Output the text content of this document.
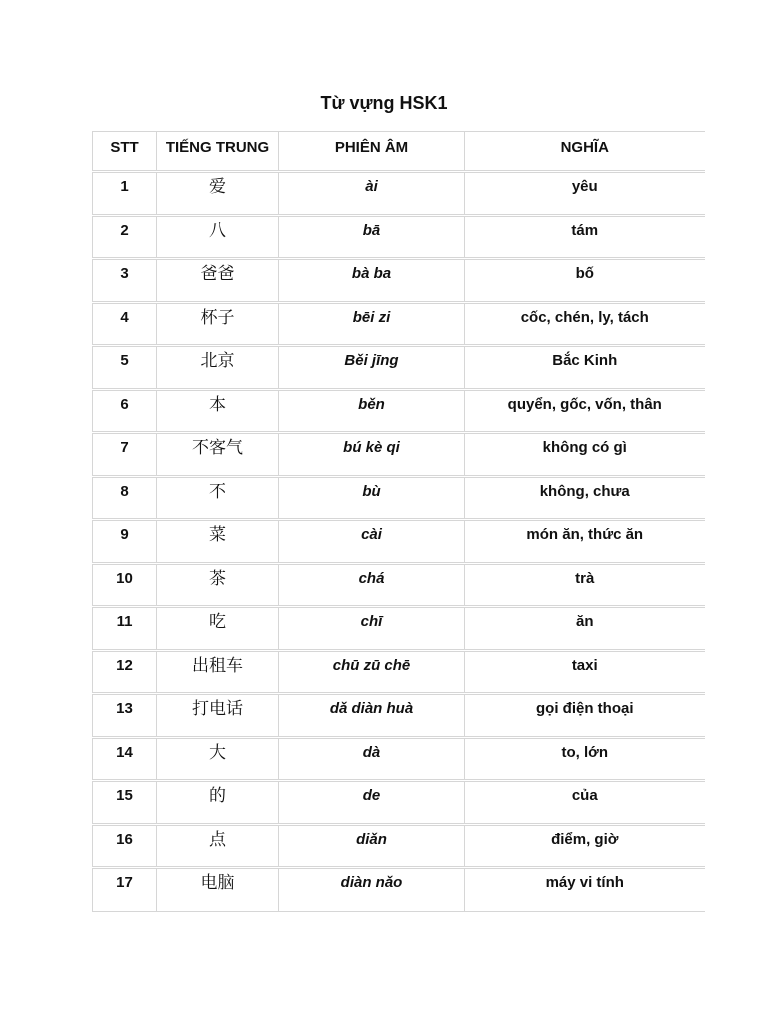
Từ vựng HSK1
STT	TIẾNG TRUNG	PHIÊN ÂM	NGHĨA
1	爱	ài	yêu
2	八	bā	tám
3	爸爸	bà ba	bố
4	杯子	bēi zi	cốc, chén, ly, tách
5	北京	Běi jīng	Bắc Kinh
6	本	běn	quyển, gốc, vốn, thân
7	不客气	bú kè qi	không có gì
8	不	bù	không, chưa
9	菜	cài	món ăn, thức ăn
10	茶	chá	trà
11	吃	chī	ăn
12	出租车	chū zū chē	taxi
13	打电话	dǎ diàn huà	gọi điện thoại
14	大	dà	to, lớn
15	的	de	của
16	点	diǎn	điểm, giờ
17	电脑	diàn nǎo	máy vi tính
